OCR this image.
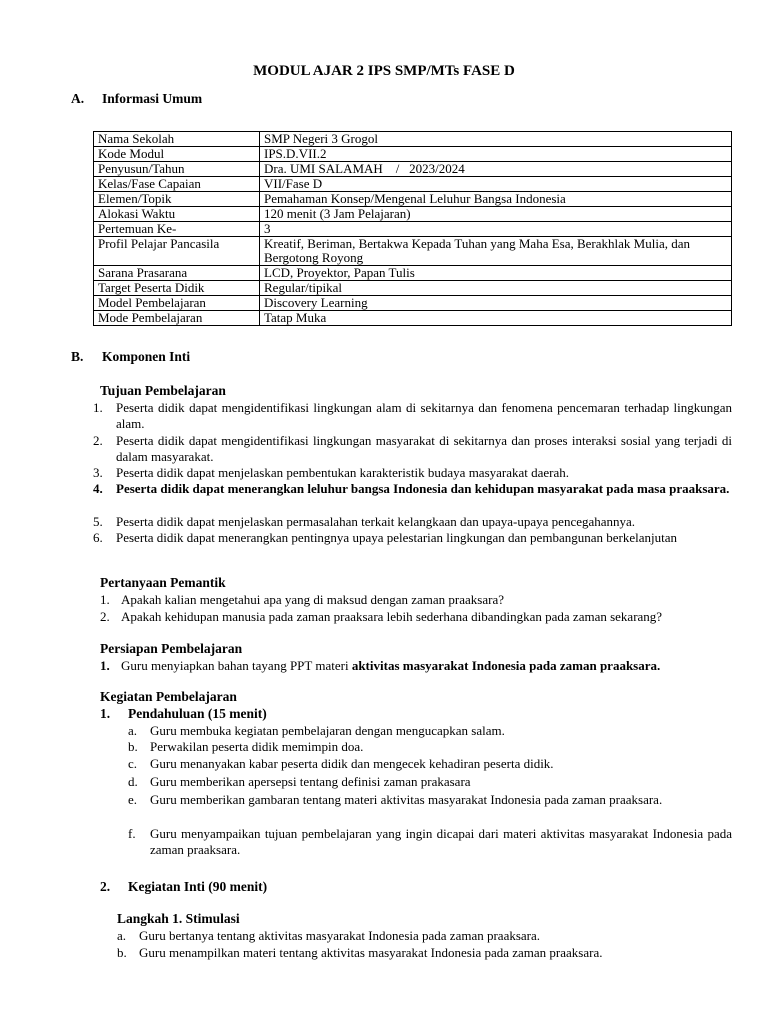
MODUL AJAR 2 IPS SMP/MTs FASE D
A. Informasi Umum
Nama Sekolah	SMP Negeri 3 Grogol
Kode Modul	IPS.D.VII.2
Penyusun/Tahun	Dra. UMI SALAMAH    /   2023/2024
Kelas/Fase Capaian	VII/Fase D
Elemen/Topik	Pemahaman Konsep/Mengenal Leluhur Bangsa Indonesia
Alokasi Waktu	120 menit (3 Jam Pelajaran)
Pertemuan Ke-	3
Profil Pelajar Pancasila	Kreatif, Beriman, Bertakwa Kepada Tuhan yang Maha Esa, Berakhlak Mulia, dan Bergotong Royong
Sarana Prasarana	LCD, Proyektor, Papan Tulis
Target Peserta Didik	Regular/tipikal
Model Pembelajaran	Discovery Learning
Mode Pembelajaran	Tatap Muka
B. Komponen Inti
Tujuan Pembelajaran
1. Peserta didik dapat mengidentifikasi lingkungan alam di sekitarnya dan fenomena pencemaran terhadap lingkungan alam.
2. Peserta didik dapat mengidentifikasi lingkungan masyarakat di sekitarnya dan proses interaksi sosial yang terjadi di dalam masyarakat.
3. Peserta didik dapat menjelaskan pembentukan karakteristik budaya masyarakat daerah.
4. Peserta didik dapat menerangkan leluhur bangsa Indonesia dan kehidupan masyarakat pada masa praaksara.
5. Peserta didik dapat menjelaskan permasalahan terkait kelangkaan dan upaya-upaya pencegahannya.
6. Peserta didik dapat menerangkan pentingnya upaya pelestarian lingkungan dan pembangunan berkelanjutan
Pertanyaan Pemantik
1. Apakah kalian mengetahui apa yang di maksud dengan zaman praaksara?
2. Apakah kehidupan manusia pada zaman praaksara lebih sederhana dibandingkan pada zaman sekarang?
Persiapan Pembelajaran
1. Guru menyiapkan bahan tayang PPT materi aktivitas masyarakat Indonesia pada zaman praaksara.
Kegiatan Pembelajaran
1. Pendahuluan (15 menit)
a. Guru membuka kegiatan pembelajaran dengan mengucapkan salam.
b. Perwakilan peserta didik memimpin doa.
c. Guru menanyakan kabar peserta didik dan mengecek kehadiran peserta didik.
d. Guru memberikan apersepsi tentang definisi zaman prakasara
e. Guru memberikan gambaran tentang materi aktivitas masyarakat Indonesia pada zaman praaksara.
f. Guru menyampaikan tujuan pembelajaran yang ingin dicapai dari materi aktivitas masyarakat Indonesia pada zaman praaksara.
2. Kegiatan Inti (90 menit)
Langkah 1. Stimulasi
a. Guru bertanya tentang aktivitas masyarakat Indonesia pada zaman praaksara.
b. Guru menampilkan materi tentang aktivitas masyarakat Indonesia pada zaman praaksara.
